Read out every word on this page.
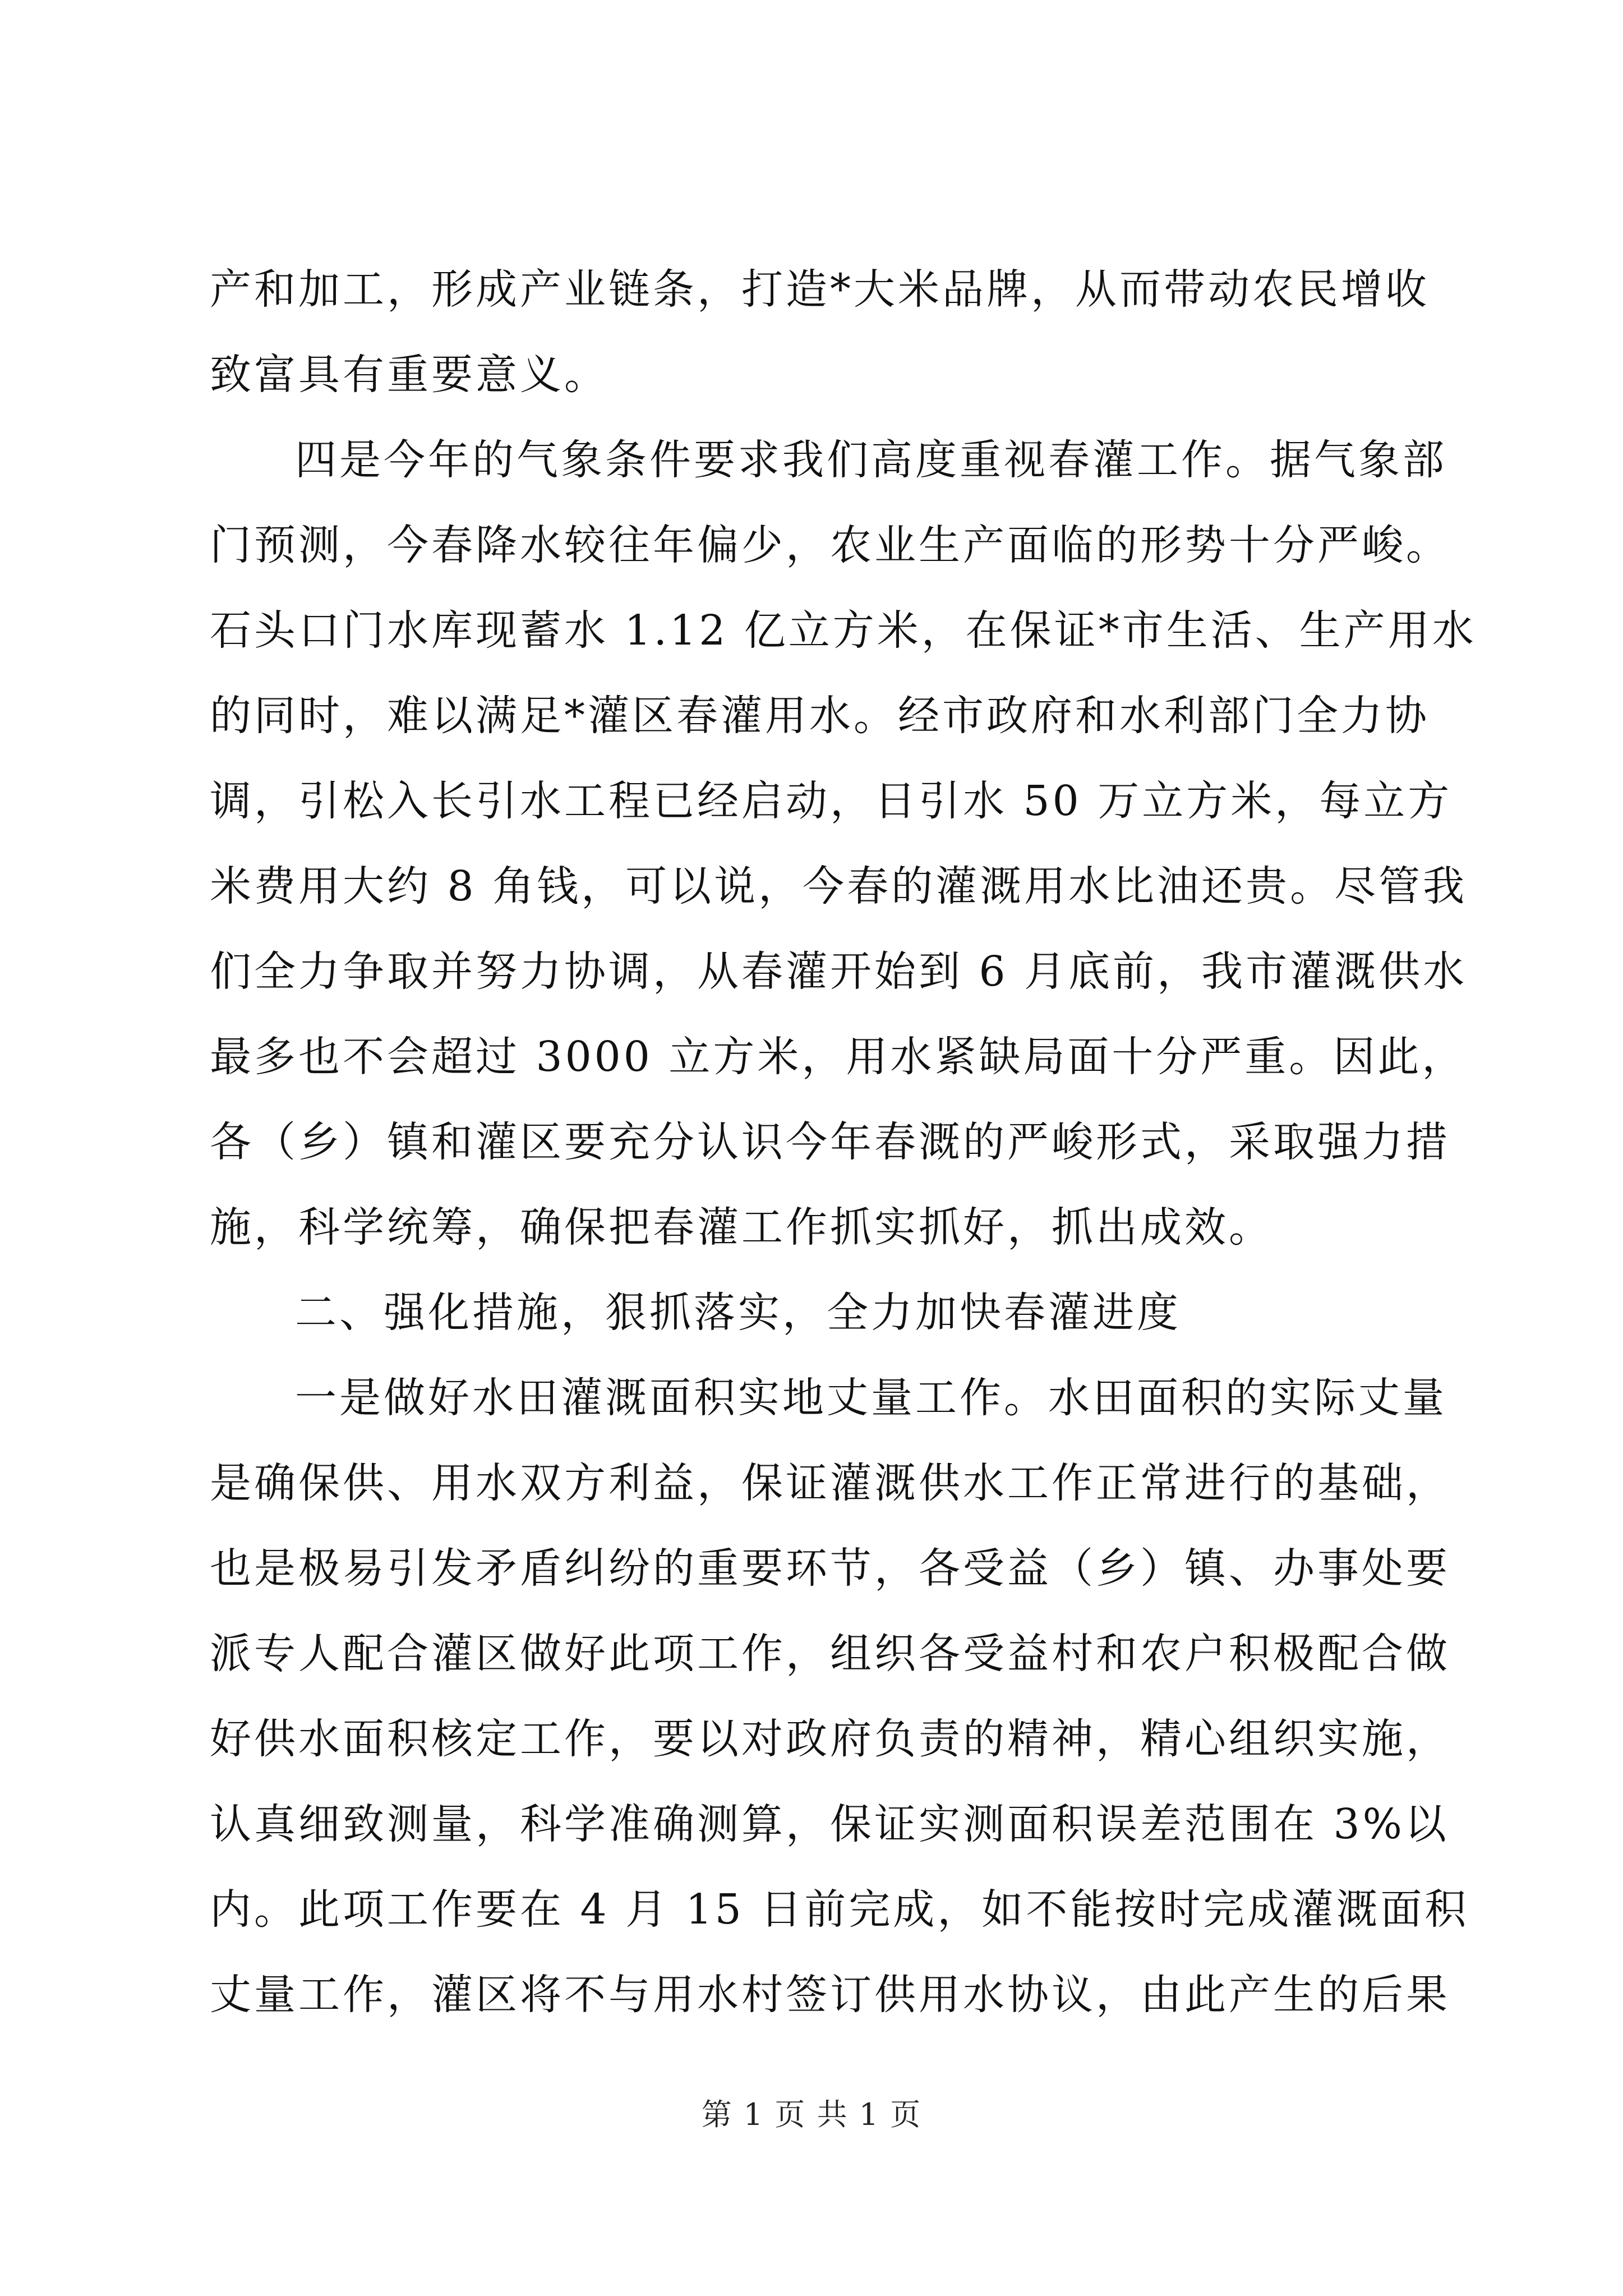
产和加工，形成产业链条，打造*大米品牌，从而带动农民增收
致富具有重要意义。
四是今年的气象条件要求我们高度重视春灌工作。据气象部
门预测，今春降水较往年偏少，农业生产面临的形势十分严峻。
石头口门水库现蓄水 1.12 亿立方米，在保证*市生活、生产用水
的同时，难以满足*灌区春灌用水。经市政府和水利部门全力协
调，引松入长引水工程已经启动，日引水 50 万立方米，每立方
米费用大约 8 角钱，可以说，今春的灌溉用水比油还贵。尽管我
们全力争取并努力协调，从春灌开始到 6 月底前，我市灌溉供水
最多也不会超过 3000 立方米，用水紧缺局面十分严重。因此，
各（乡）镇和灌区要充分认识今年春溉的严峻形式，采取强力措
施，科学统筹，确保把春灌工作抓实抓好，抓出成效。
二、强化措施，狠抓落实，全力加快春灌进度
一是做好水田灌溉面积实地丈量工作。水田面积的实际丈量
是确保供、用水双方利益，保证灌溉供水工作正常进行的基础，
也是极易引发矛盾纠纷的重要环节，各受益（乡）镇、办事处要
派专人配合灌区做好此项工作，组织各受益村和农户积极配合做
好供水面积核定工作，要以对政府负责的精神，精心组织实施，
认真细致测量，科学准确测算，保证实测面积误差范围在 3%以
内。此项工作要在 4 月 15 日前完成，如不能按时完成灌溉面积
丈量工作，灌区将不与用水村签订供用水协议，由此产生的后果
第 1 页 共 1 页
